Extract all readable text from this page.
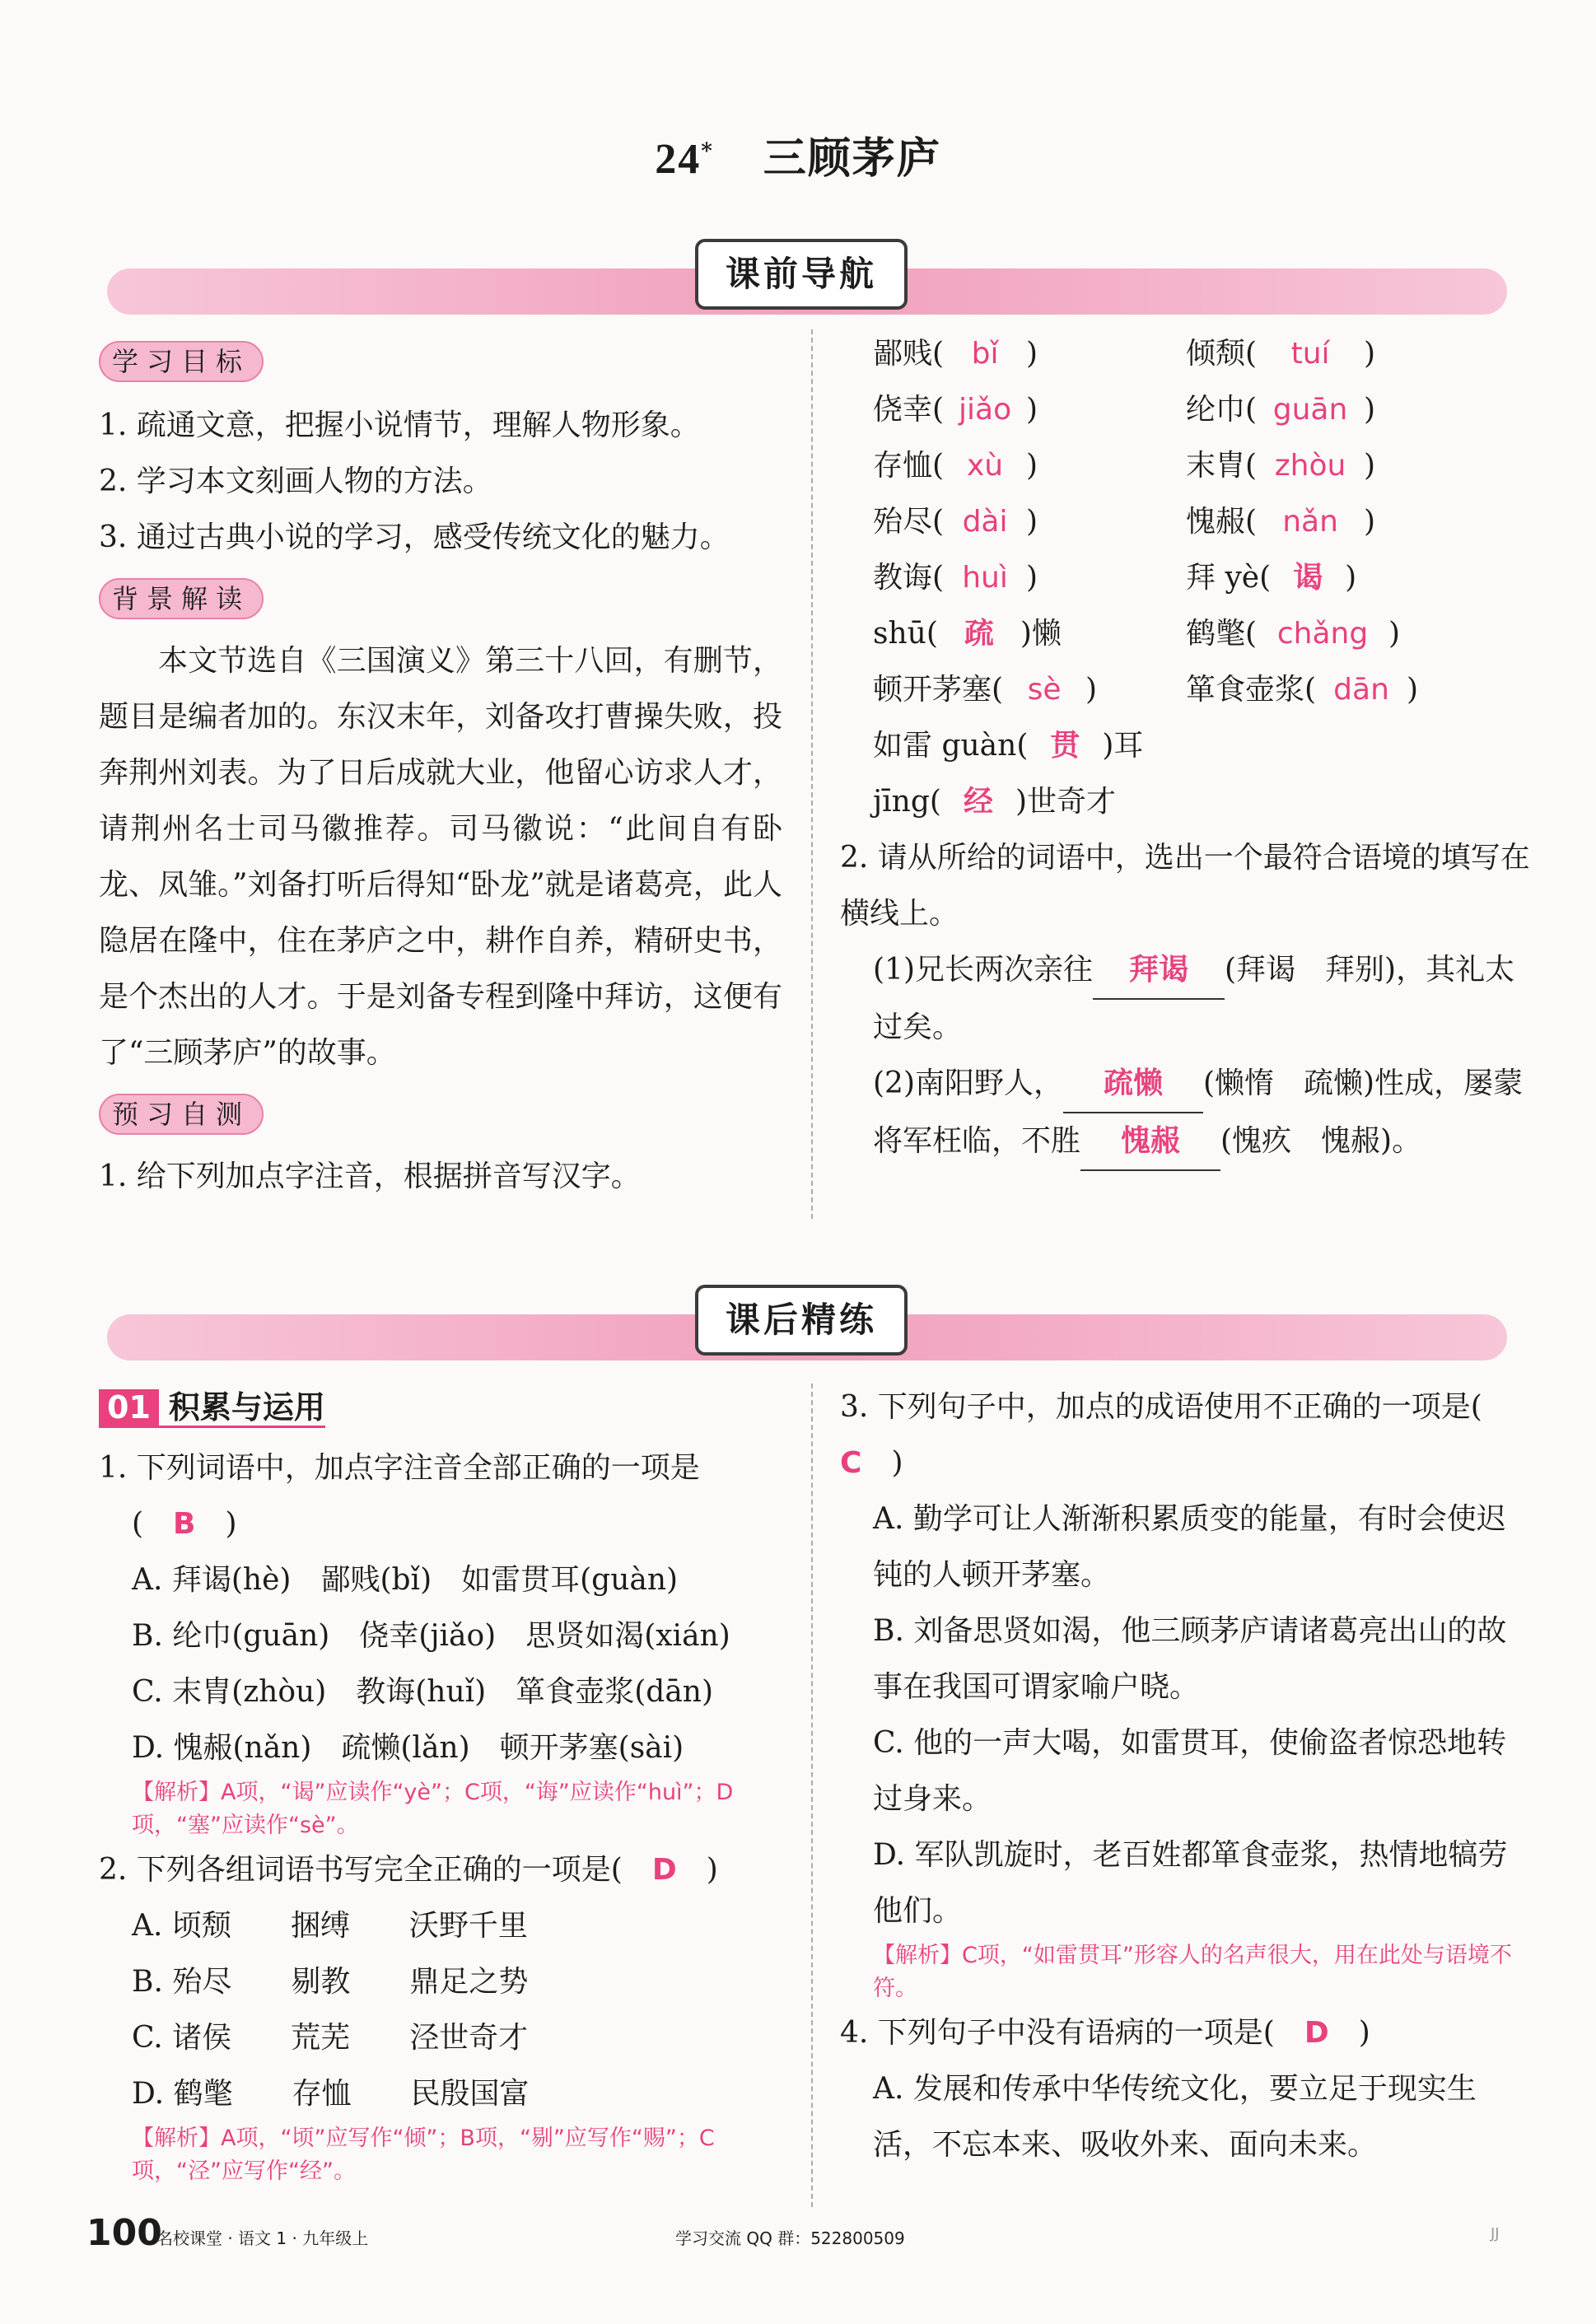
24* 三顾茅庐
课前导航
学习目标

1. 疏通文意，把握小说情节，理解人物形象。

2. 学习本文刻画人物的方法。

3. 通过古典小说的学习，感受传统文化的魅力。

背景解读

本文节选自《三国演义》第三十八回，有删节，题目是编者加的。东汉末年，刘备攻打曹操失败，投奔荆州刘表。为了日后成就大业，他留心访求人才，请荆州名士司马徽推荐。司马徽说：“此间自有卧龙、凤雏。”刘备打听后得知“卧龙”就是诸葛亮，此人隐居在隆中，住在茅庐之中，耕作自养，精研史书，是个杰出的人才。于是刘备专程到隆中拜访，这便有了“三顾茅庐”的故事。

预习自测

1. 给下列加点字注音，根据拼音写汉字。

鄙贱( bǐ )
侥幸( jiǎo )
存恤( xù )
殆尽( dài )
教诲( huì )
shū( 疏 )懒
顿开茅塞( sè )
倾颓( tuí )
纶巾( guān )
末胄( zhòu )
愧赧( nǎn )
拜 yè( 谒 )
鹤氅( chǎng )
箪食壶浆( dān )
如雷 guàn( 贯 )耳
jīng( 经 )世奇才

2. 请从所给的词语中，选出一个最符合语境的填写在横线上。

(1)兄长两次亲往 拜谒 (拜谒　拜别)，其礼太过矣。

(2)南阳野人， 疏懒 (懒惰　疏懒)性成，屡蒙将军枉临，不胜 愧赧 (愧疚　愧赧)。

课后精练
01 积累与运用

1. 下列词语中，加点字注音全部正确的一项是

(　B　)

A. 拜谒(hè)　鄙贱(bǐ)　如雷贯耳(guàn)

B. 纶巾(guān)　侥幸(jiǎo)　思贤如渴(xián)

C. 末胄(zhòu)　教诲(huǐ)　箪食壶浆(dān)

D. 愧赧(nǎn)　疏懒(lǎn)　顿开茅塞(sài)

【解析】A项，“谒”应读作“yè”；C项，“诲”应读作“huì”；D项，“塞”应读作“sè”。

2. 下列各组词语书写完全正确的一项是(　 D　 )

A. 顷颓　　捆缚　　沃野千里

B. 殆尽　　剔教　　鼎足之势

C. 诸侯　　荒芜　　泾世奇才

D. 鹤氅　　存恤　　民殷国富

【解析】A项，“顷”应写作“倾”；B项，“剔”应写作“赐”；C项，“泾”应写作“经”。

3. 下列句子中，加点的成语使用不正确的一项是(　C　 )

A. 勤学可让人渐渐积累质变的能量，有时会使迟钝的人顿开茅塞。

B. 刘备思贤如渴，他三顾茅庐请诸葛亮出山的故事在我国可谓家喻户晓。

C. 他的一声大喝，如雷贯耳，使偷盗者惊恐地转过身来。

D. 军队凯旋时，老百姓都箪食壶浆，热情地犒劳他们。

【解析】C项，“如雷贯耳”形容人的名声很大，用在此处与语境不符。

4. 下列句子中没有语病的一项是(　 D　 )

A. 发展和传承中华传统文化，要立足于现实生活，不忘本来、吸收外来、面向未来。

100
名校课堂 · 语文 1 · 九年级上	学习交流 QQ 群：522800509	JJ
